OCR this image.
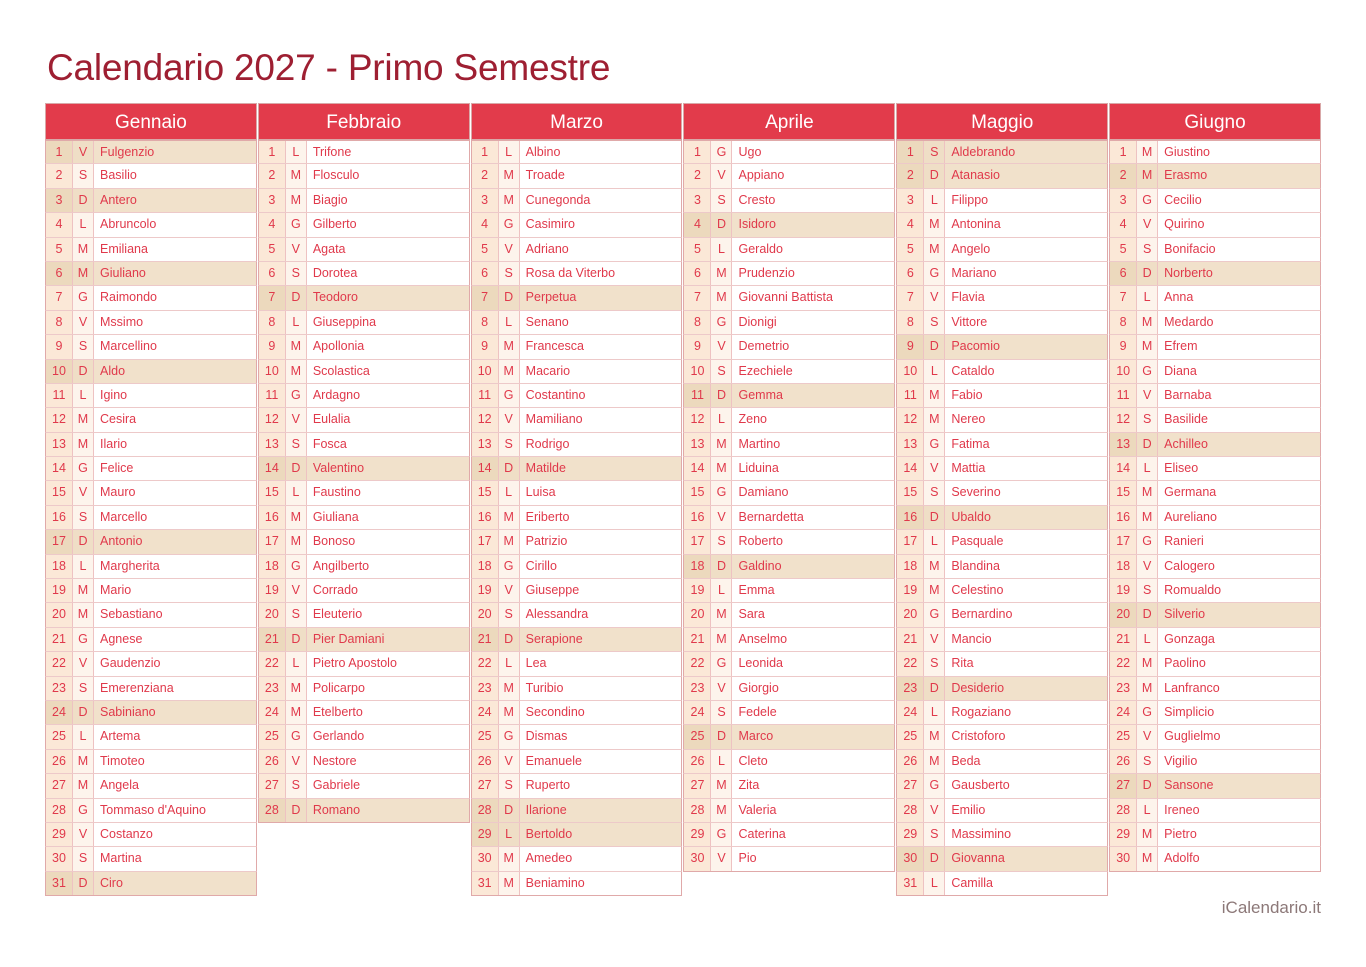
Calendario 2027 - Primo Semestre
Gennaio
1	V	Fulgenzio
2	S	Basilio
3	D Antero
4	L	Abruncolo
5	M Emiliana
6	M Giuliano
7	G Raimondo
8	V	Mssimo
9	S	Marcellino
10	D Aldo
11	L	Igino
12 M Cesira
13 M Ilario
14 G Felice
15	V	Mauro
16	S	Marcello
17	D Antonio
18	L	Margherita
19 M Mario
20 M Sebastiano
21 G Agnese
22	V	Gaudenzio
23	S	Emerenziana
24	D Sabiniano
25	L	Artema
26 M Timoteo
27 M Angela
28 G Tommaso d'Aquino
29	V	Costanzo
30	S	Martina
31	D Ciro
Febbraio
1	L	Trifone
2	M Flosculo
3	M Biagio
4	G Gilberto
5	V	Agata
6	S	Dorotea
7	D Teodoro
8	L	Giuseppina
9	M Apollonia
10 M Scolastica
11	G Ardagno
12	V	Eulalia
13	S	Fosca
14	D Valentino
15	L	Faustino
16 M Giuliana
17 M Bonoso
18 G Angilberto
19	V	Corrado
20	S	Eleuterio
21	D Pier Damiani
22	L	Pietro Apostolo
23 M Policarpo
24 M Etelberto
25 G Gerlando
26	V	Nestore
27	S	Gabriele
28	D Romano
Marzo
1	L	Albino
2	M Troade
3	M Cunegonda
4	G Casimiro
5	V	Adriano
6	S	Rosa da Viterbo
7	D Perpetua
8	L	Senano
9	M Francesca
10 M Macario
11	G Costantino
12	V	Mamiliano
13	S	Rodrigo
14	D Matilde
15	L	Luisa
16 M Eriberto
17 M Patrizio
18 G Cirillo
19	V	Giuseppe
20	S	Alessandra
21	D Serapione
22	L	Lea
23 M Turibio
24 M Secondino
25 G Dismas
26	V	Emanuele
27	S	Ruperto
28	D Ilarione
29	L	Bertoldo
30 M Amedeo
31 M Beniamino
Aprile
1	G Ugo
2	V	Appiano
3	S	Cresto
4	D Isidoro
5	L	Geraldo
6	M Prudenzio
7	M Giovanni Battista
8	G Dionigi
9	V	Demetrio
10	S	Ezechiele
11	D Gemma
12	L	Zeno
13 M Martino
14 M Liduina
15 G Damiano
16	V	Bernardetta
17	S	Roberto
18	D Galdino
19	L	Emma
20 M Sara
21 M Anselmo
22 G Leonida
23	V	Giorgio
24	S	Fedele
25	D Marco
26	L	Cleto
27 M Zita
28 M Valeria
29 G Caterina
30	V	Pio
Maggio
1	S	Aldebrando
2	D Atanasio
3	L	Filippo
4	M Antonina
5	M Angelo
6	G Mariano
7	V	Flavia
8	S	Vittore
9	D Pacomio
10	L	Cataldo
11 M Fabio
12 M Nereo
13 G Fatima
14	V	Mattia
15	S	Severino
16	D Ubaldo
17	L	Pasquale
18 M Blandina
19 M Celestino
20 G Bernardino
21	V	Mancio
22	S	Rita
23	D Desiderio
24	L	Rogaziano
25 M Cristoforo
26 M Beda
27 G Gausberto
28	V	Emilio
29	S	Massimino
30	D Giovanna
31	L	Camilla
Giugno
1	M Giustino
2	M Erasmo
3	G Cecilio
4	V	Quirino
5	S	Bonifacio
6	D Norberto
7	L	Anna
8	M Medardo
9	M Efrem
10 G Diana
11	V	Barnaba
12	S	Basilide
13	D Achilleo
14	L	Eliseo
15 M Germana
16 M Aureliano
17 G Ranieri
18	V	Calogero
19	S	Romualdo
20	D Silverio
21	L	Gonzaga
22 M Paolino
23 M Lanfranco
24 G Simplicio
25	V	Guglielmo
26	S	Vigilio
27	D Sansone
28	L	Ireneo
29 M Pietro
30 M Adolfo
iCalendario.it
